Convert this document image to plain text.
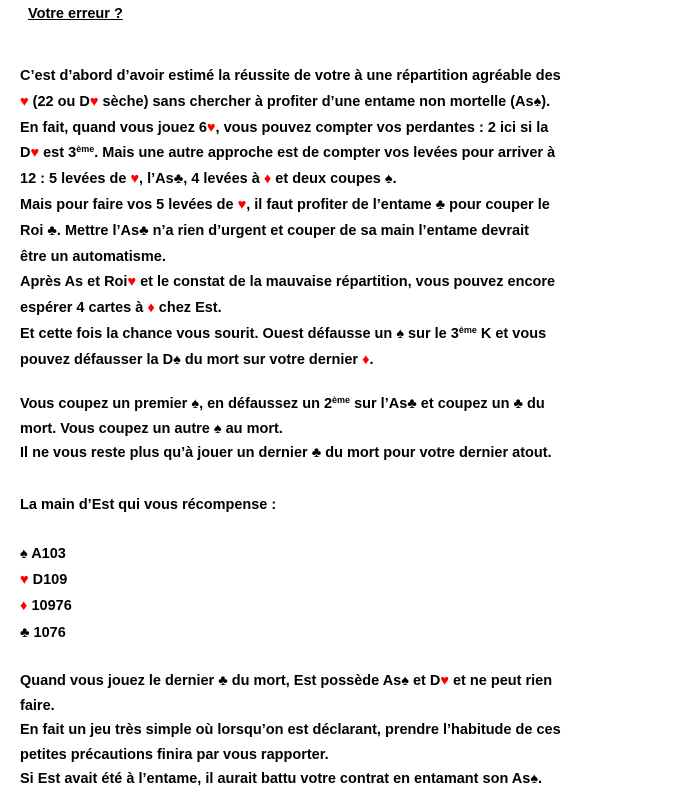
Votre erreur ?

C’est d’abord d’avoir estimé la réussite de votre à une répartition agréable des

♥ (22 ou D♥ sèche) sans chercher à profiter d’une entame non mortelle (As♠).

En fait, quand vous jouez 6♥, vous pouvez compter vos perdantes : 2 ici si la

D♥ est 3ème. Mais une autre approche est de compter vos levées pour arriver à

12 : 5 levées de ♥, l’As♣, 4 levées à ♦ et deux coupes ♠.

Mais pour faire vos 5 levées de ♥, il faut profiter de l’entame ♣ pour couper le

Roi ♣. Mettre l’As♣ n’a rien d’urgent et couper de sa main l’entame devrait

être un automatisme.

Après As et Roi♥ et le constat de la mauvaise répartition, vous pouvez encore

espérer 4 cartes à ♦ chez Est.

Et cette fois la chance vous sourit. Ouest défausse un ♠ sur le 3ème K et vous

pouvez défausser la D♠ du mort sur votre dernier ♦.

Vous coupez un premier ♠, en défaussez un 2ème sur l’As♣ et coupez un ♣ du

mort. Vous coupez un autre ♠ au mort.

Il ne vous reste plus qu’à jouer un dernier ♣ du mort pour votre dernier atout.

La main d’Est qui vous récompense :

♠ A103

♥ D109

♦ 10976

♣ 1076

Quand vous jouez le dernier ♣ du mort, Est possède As♠ et D♥ et ne peut rien

faire.

En fait un jeu très simple où lorsqu’on est déclarant, prendre l’habitude de ces

petites précautions finira par vous rapporter.

Si Est avait été à l’entame, il aurait battu votre contrat en entamant son As♠.
